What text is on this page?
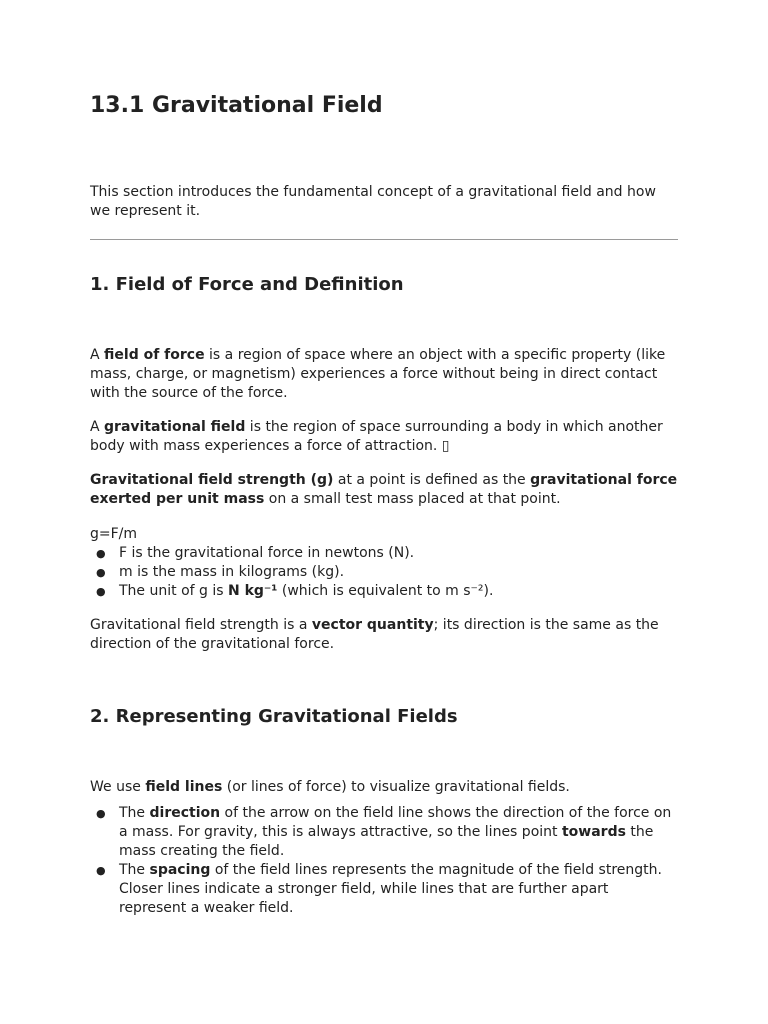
13.1 Gravitational Field

This section introduces the fundamental concept of a gravitational field and how we represent it.

1. Field of Force and Definition

A field of force is a region of space where an object with a specific property (like mass, charge, or magnetism) experiences a force without being in direct contact with the source of the force.

A gravitational field is the region of space surrounding a body in which another body with mass experiences a force of attraction. ▯

Gravitational field strength (g) at a point is defined as the gravitational force exerted per unit mass on a small test mass placed at that point.

g=F/m

● F is the gravitational force in newtons (N).
● m is the mass in kilograms (kg).
● The unit of g is N kg⁻¹ (which is equivalent to m s⁻²).

Gravitational field strength is a vector quantity; its direction is the same as the direction of the gravitational force.

2. Representing Gravitational Fields

We use field lines (or lines of force) to visualize gravitational fields.

● The direction of the arrow on the field line shows the direction of the force on a mass. For gravity, this is always attractive, so the lines point towards the mass creating the field.
● The spacing of the field lines represents the magnitude of the field strength. Closer lines indicate a stronger field, while lines that are further apart represent a weaker field.
